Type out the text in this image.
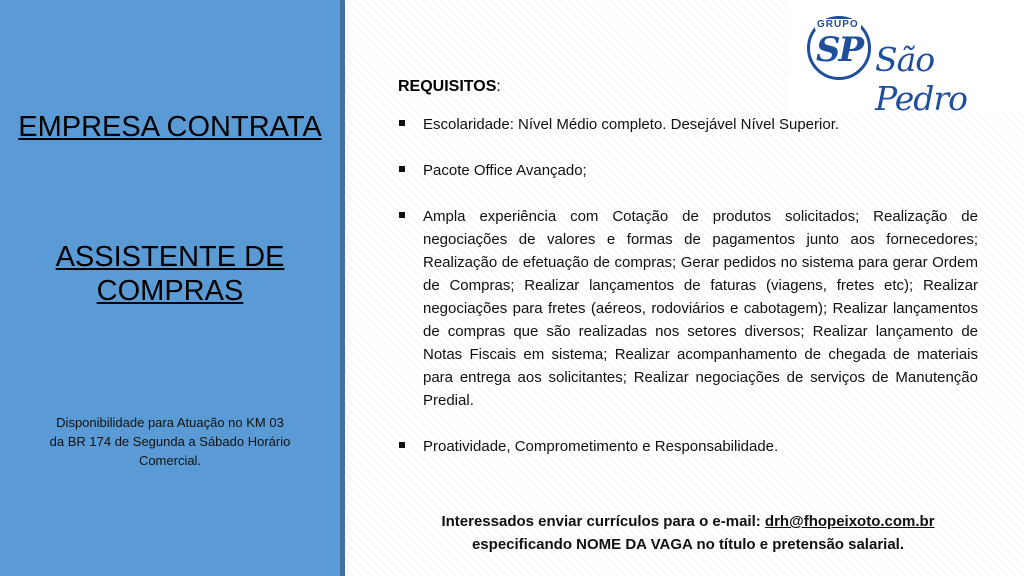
EMPRESA CONTRATA
ASSISTENTE DE
COMPRAS
Disponibilidade para Atuação no KM 03
da BR 174 de Segunda a Sábado Horário
Comercial.
GRUPO
SP São Pedro
REQUISITOS:
Escolaridade: Nível Médio completo. Desejável Nível Superior.
Pacote Office Avançado;
Ampla experiência com Cotação de produtos solicitados; Realização de negociações de valores e formas de pagamentos junto aos fornecedores; Realização de efetuação de compras; Gerar pedidos no sistema para gerar Ordem de Compras; Realizar lançamentos de faturas (viagens, fretes etc); Realizar negociações para fretes (aéreos, rodoviários e cabotagem); Realizar lançamentos de compras que são realizadas nos setores diversos; Realizar lançamento de Notas Fiscais em sistema; Realizar acompanhamento de chegada de materiais para entrega aos solicitantes; Realizar negociações de serviços de Manutenção Predial.
Proatividade, Comprometimento e Responsabilidade.
Interessados enviar currículos para o e-mail: drh@fhopeixoto.com.br
especificando NOME DA VAGA no título e pretensão salarial.
